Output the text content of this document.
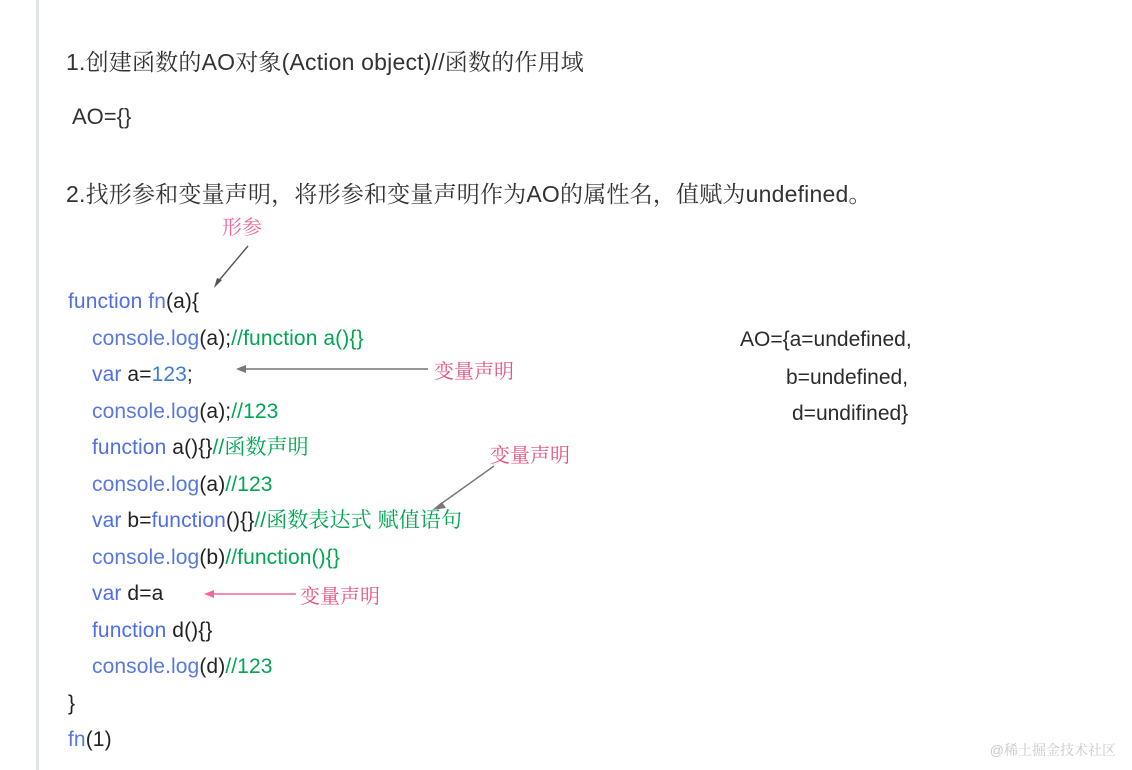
1.创建函数的AO对象(Action object)//函数的作用域
AO={}
2.找形参和变量声明，将形参和变量声明作为AO的属性名，值赋为undefined。
形参
function fn(a){
console.log(a);//function a(){}
var a=123;
console.log(a);//123
function a(){}//函数声明
console.log(a)//123
var b=function(){}//函数表达式 赋值语句
console.log(b)//function(){}
var d=a
function d(){}
console.log(d)//123
}
fn(1)
变量声明
变量声明
变量声明
AO={a=undefined,
b=undefined,
d=undifined}
@稀土掘金技术社区
